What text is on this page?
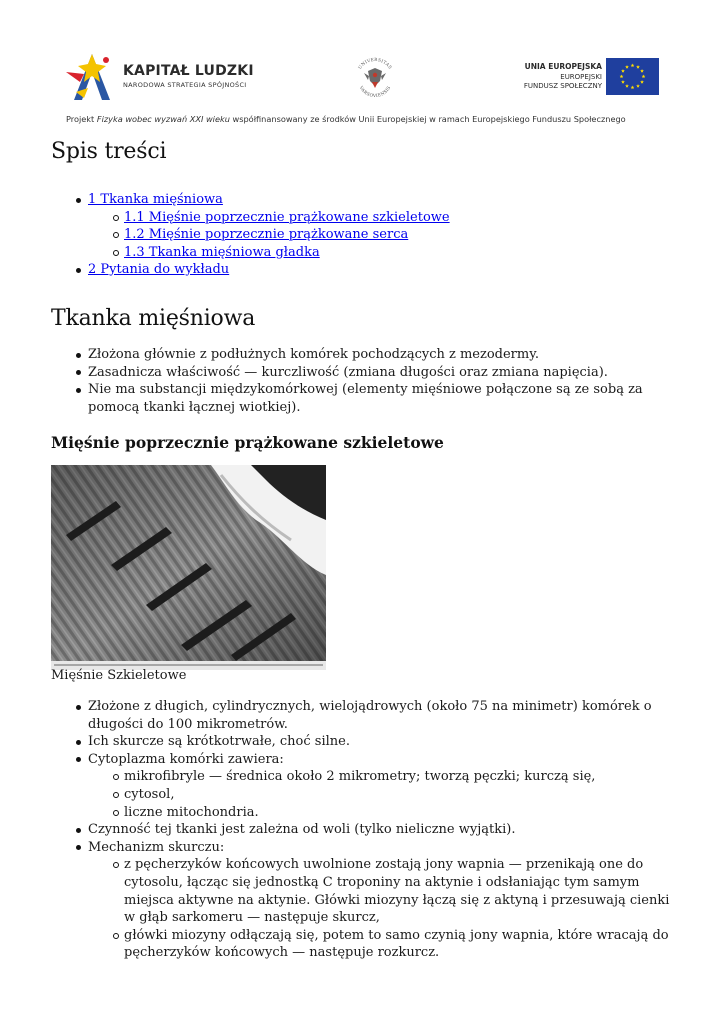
KAPITAŁ LUDZKI
NARODOWA STRATEGIA SPÓJNOŚCI
UNIVERSITAS
VARSOVIENSIS
UNIA EUROPEJSKA
EUROPEJSKI
FUNDUSZ SPOŁECZNY
Projekt Fizyka wobec wyzwań XXI wieku współfinansowany ze środków Unii Europejskiej w ramach Europejskiego Funduszu Społecznego
Spis treści
1 Tkanka mięśniowa
1.1 Mięśnie poprzecznie prążkowane szkieletowe
1.2 Mięśnie poprzecznie prążkowane serca
1.3 Tkanka mięśniowa gładka
2 Pytania do wykładu
Tkanka mięśniowa
Złożona głównie z podłużnych komórek pochodzących z mezodermy.
Zasadnicza właściwość — kurczliwość (zmiana długości oraz zmiana napięcia).
Nie ma substancji międzykomórkowej (elementy mięśniowe połączone są ze sobą za pomocą tkanki łącznej wiotkiej).
Mięśnie poprzecznie prążkowane szkieletowe
Mięśnie Szkieletowe
Złożone z długich, cylindrycznych, wielojądrowych (około 75 na minimetr) komórek o długości do 100 mikrometrów.
Ich skurcze są krótkotrwałe, choć silne.
Cytoplazma komórki zawiera:
mikrofibryle — średnica około 2 mikrometry; tworzą pęczki; kurczą się,
cytosol,
liczne mitochondria.
Czynność tej tkanki jest zależna od woli (tylko nieliczne wyjątki).
Mechanizm skurczu:
z pęcherzyków końcowych uwolnione zostają jony wapnia — przenikają one do cytosolu, łącząc się jednostką C troponiny na aktynie i odsłaniając tym samym miejsca aktywne na aktynie. Główki miozyny łączą się z aktyną i przesuwają cienki w głąb sarkomeru — następuje skurcz,
główki miozyny odłączają się, potem to samo czynią jony wapnia, które wracają do pęcherzyków końcowych — następuje rozkurcz.
